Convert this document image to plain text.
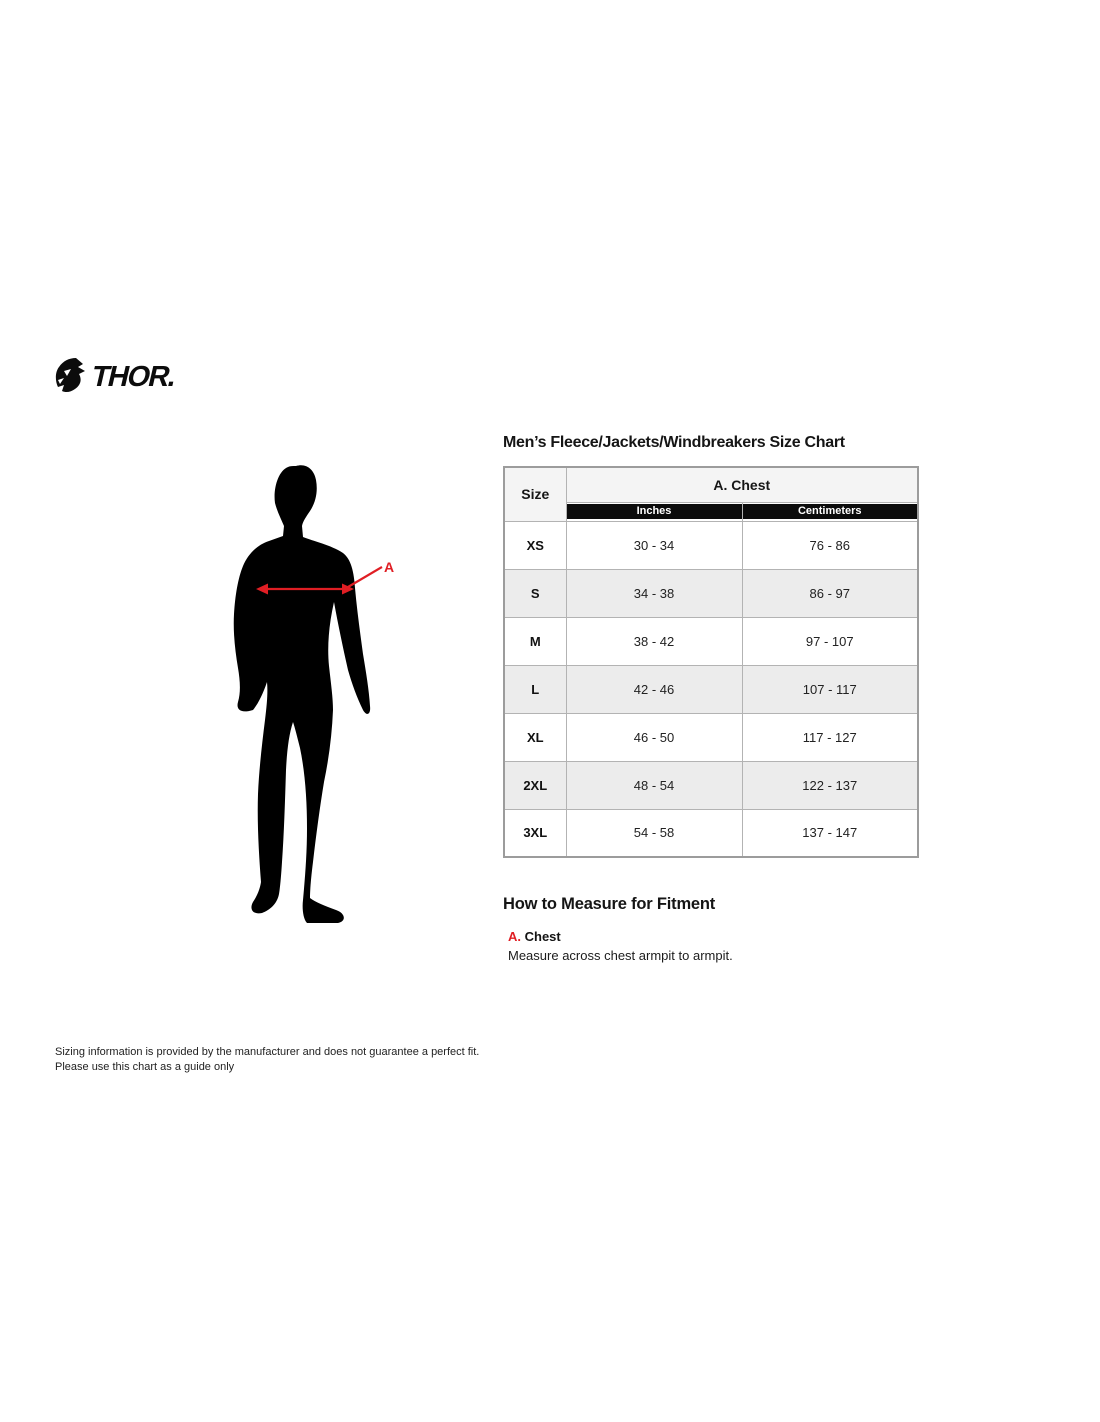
THOR.
A
Men’s Fleece/Jackets/Windbreakers Size Chart
Size	A. Chest	

	Inches	Centimeters

XS	30 - 34	76 - 86
S	34 - 38	86 - 97
M	38 - 42	97 - 107
L	42 - 46	107 - 117
XL	46 - 50	117 - 127
2XL	48 - 54	122 - 137
3XL	54 - 58	137 - 147
How to Measure for Fitment
A. Chest
Measure across chest armpit to armpit.
Sizing information is provided by the manufacturer and does not guarantee a perfect fit.
Please use this chart as a guide only
